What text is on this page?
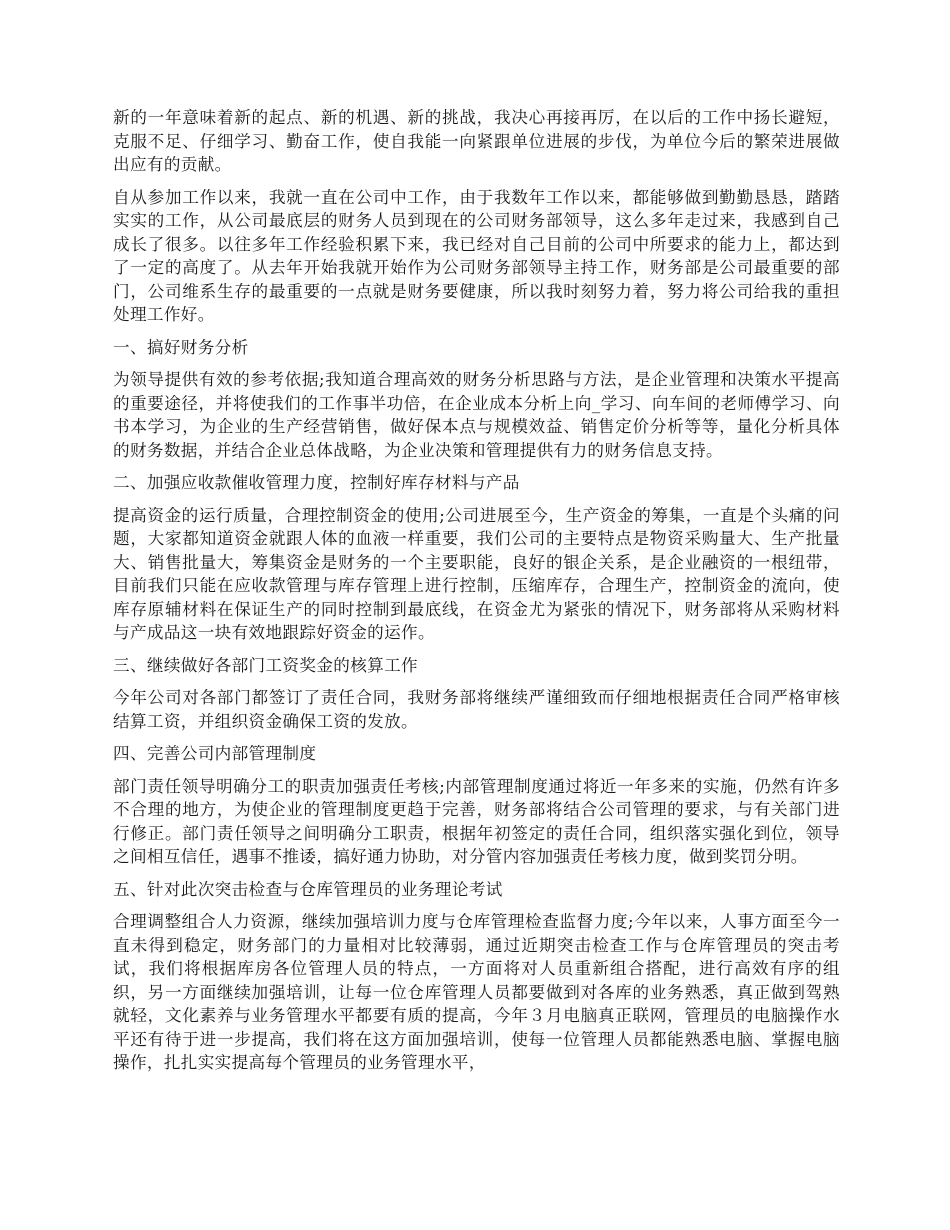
新的一年意味着新的起点、新的机遇、新的挑战，我决心再接再厉，在以后的工作中扬长避短，克服不足、仔细学习、勤奋工作，使自我能一向紧跟单位进展的步伐，为单位今后的繁荣进展做出应有的贡献。

自从参加工作以来，我就一直在公司中工作，由于我数年工作以来，都能够做到勤勤恳恳，踏踏实实的工作，从公司最底层的财务人员到现在的公司财务部领导，这么多年走过来，我感到自己成长了很多。以往多年工作经验积累下来，我已经对自己目前的公司中所要求的能力上，都达到了一定的高度了。从去年开始我就开始作为公司财务部领导主持工作，财务部是公司最重要的部门，公司维系生存的最重要的一点就是财务要健康，所以我时刻努力着，努力将公司给我的重担处理工作好。

一、搞好财务分析

为领导提供有效的参考依据;我知道合理高效的财务分析思路与方法，是企业管理和决策水平提高的重要途径，并将使我们的工作事半功倍，在企业成本分析上向_学习、向车间的老师傅学习、向书本学习，为企业的生产经营销售，做好保本点与规模效益、销售定价分析等等，量化分析具体的财务数据，并结合企业总体战略，为企业决策和管理提供有力的财务信息支持。

二、加强应收款催收管理力度，控制好库存材料与产品

提高资金的运行质量，合理控制资金的使用;公司进展至今，生产资金的筹集，一直是个头痛的问题，大家都知道资金就跟人体的血液一样重要，我们公司的主要特点是物资采购量大、生产批量大、销售批量大，筹集资金是财务的一个主要职能，良好的银企关系，是企业融资的一根纽带，目前我们只能在应收款管理与库存管理上进行控制，压缩库存，合理生产，控制资金的流向，使库存原辅材料在保证生产的同时控制到最底线，在资金尤为紧张的情况下，财务部将从采购材料与产成品这一块有效地跟踪好资金的运作。

三、继续做好各部门工资奖金的核算工作

今年公司对各部门都签订了责任合同，我财务部将继续严谨细致而仔细地根据责任合同严格审核结算工资，并组织资金确保工资的发放。

四、完善公司内部管理制度

部门责任领导明确分工的职责加强责任考核;内部管理制度通过将近一年多来的实施，仍然有许多不合理的地方，为使企业的管理制度更趋于完善，财务部将结合公司管理的要求，与有关部门进行修正。部门责任领导之间明确分工职责，根据年初签定的责任合同，组织落实强化到位，领导之间相互信任，遇事不推诿，搞好通力协助，对分管内容加强责任考核力度，做到奖罚分明。

五、针对此次突击检查与仓库管理员的业务理论考试

合理调整组合人力资源，继续加强培训力度与仓库管理检查监督力度;今年以来，人事方面至今一直未得到稳定，财务部门的力量相对比较薄弱，通过近期突击检查工作与仓库管理员的突击考试，我们将根据库房各位管理人员的特点，一方面将对人员重新组合搭配，进行高效有序的组织，另一方面继续加强培训，让每一位仓库管理人员都要做到对各库的业务熟悉，真正做到驾熟就轻，文化素养与业务管理水平都要有质的提高，今年３月电脑真正联网，管理员的电脑操作水平还有待于进一步提高，我们将在这方面加强培训，使每一位管理人员都能熟悉电脑、掌握电脑操作，扎扎实实提高每个管理员的业务管理水平，
